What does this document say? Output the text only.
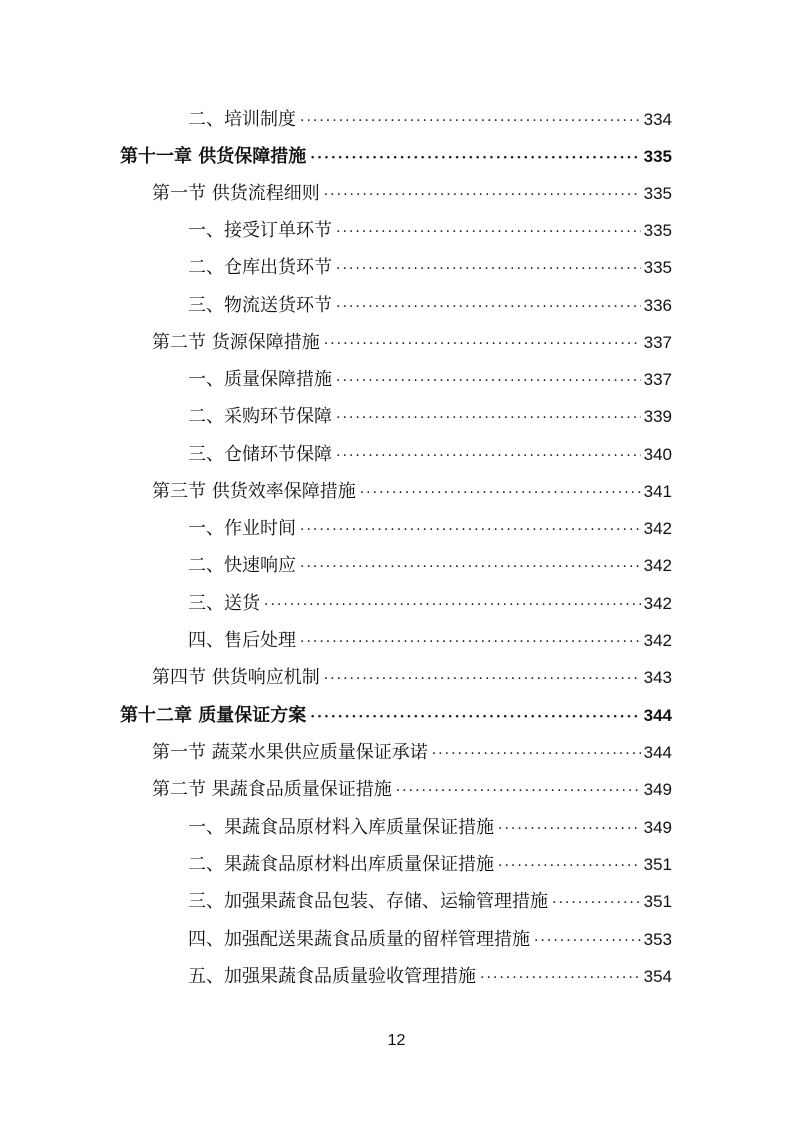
二、培训制度 ·····	334
第十一章 供货保障措施 ·····	335
第一节 供货流程细则 ·····	335
一、接受订单环节 ·····	335
二、仓库出货环节 ·····	335
三、物流送货环节 ·····	336
第二节 货源保障措施 ·····	337
一、质量保障措施 ·····	337
二、采购环节保障 ·····	339
三、仓储环节保障 ·····	340
第三节 供货效率保障措施 ·····	341
一、作业时间 ·····	342
二、快速响应 ·····	342
三、送货 ·····	342
四、售后处理 ·····	342
第四节 供货响应机制 ·····	343
第十二章 质量保证方案 ·····	344
第一节 蔬菜水果供应质量保证承诺 ·····	344
第二节 果蔬食品质量保证措施 ·····	349
一、果蔬食品原材料入库质量保证措施 ·····	349
二、果蔬食品原材料出库质量保证措施 ·····	351
三、加强果蔬食品包装、存储、运输管理措施 ·····	351
四、加强配送果蔬食品质量的留样管理措施 ·····	353
五、加强果蔬食品质量验收管理措施 ·····	354
12
